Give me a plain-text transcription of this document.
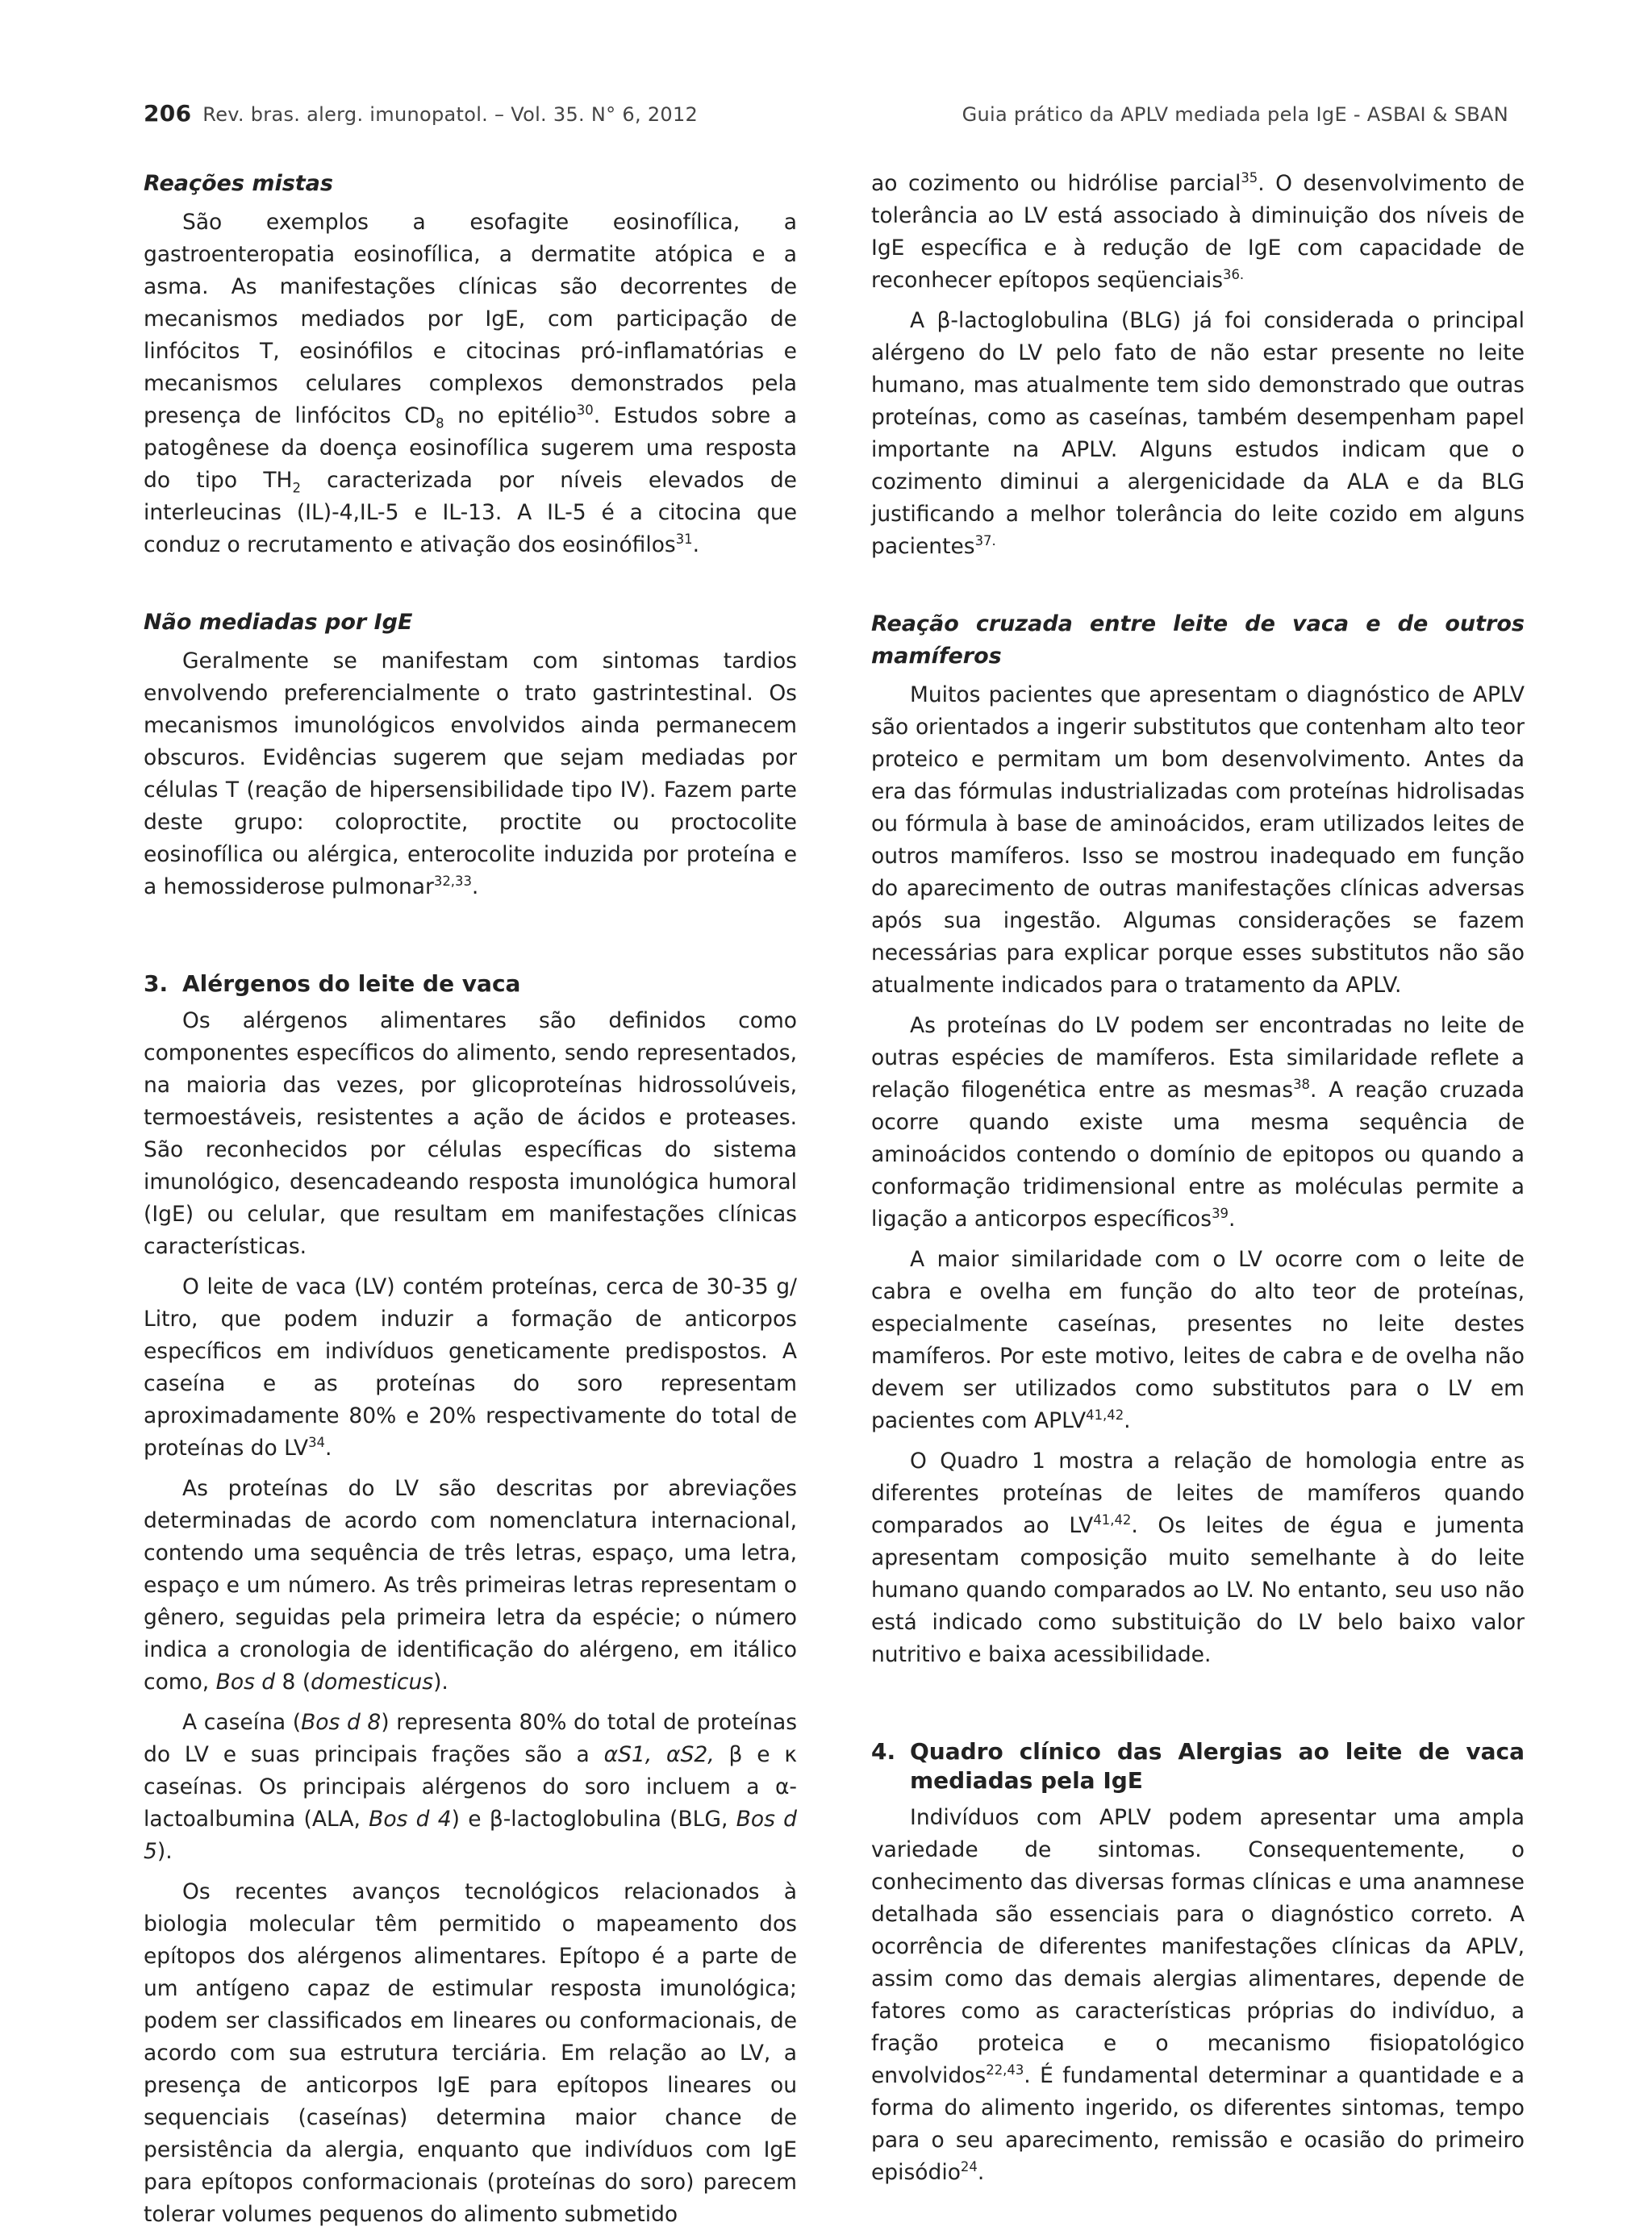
206 Rev. bras. alerg. imunopatol. – Vol. 35. N° 6, 2012	Guia prático da APLV mediada pela IgE - ASBAI & SBAN
Reações mistas

São exemplos a esofagite eosinofílica, a gastroenteropatia eosinofílica, a dermatite atópica e a asma. As manifestações clínicas são decorrentes de mecanismos mediados por IgE, com participação de linfócitos T, eosinófilos e citocinas pró-inflamatórias e mecanismos celulares complexos demonstrados pela presença de linfócitos $CD_8$ no epitélio$^{30}$. Estudos sobre a patogênese da doença eosinofílica sugerem uma resposta do tipo $TH_2$ caracterizada por níveis elevados de interleucinas (IL)-4,IL-5 e IL-13. A IL-5 é a citocina que conduz o recrutamento e ativação dos eosinófilos$^{31}$.

Não mediadas por IgE

Geralmente se manifestam com sintomas tardios envolvendo preferencialmente o trato gastrintestinal. Os mecanismos imunológicos envolvidos ainda permanecem obscuros. Evidências sugerem que sejam mediadas por células T (reação de hipersensibilidade tipo IV). Fazem parte deste grupo: coloproctite, proctite ou proctocolite eosinofílica ou alérgica, enterocolite induzida por proteína e a hemossiderose pulmonar$^{32,33}$.

3. Alérgenos do leite de vaca

Os alérgenos alimentares são definidos como componentes específicos do alimento, sendo representados, na maioria das vezes, por glicoproteínas hidrossolúveis, termoestáveis, resistentes a ação de ácidos e proteases. São reconhecidos por células específicas do sistema imunológico, desencadeando resposta imunológica humoral (IgE) ou celular, que resultam em manifestações clínicas características.

O leite de vaca (LV) contém proteínas, cerca de 30-35 g/ Litro, que podem induzir a formação de anticorpos específicos em indivíduos geneticamente predispostos. A caseína e as proteínas do soro representam aproximadamente 80% e 20% respectivamente do total de proteínas do LV$^{34}$.

As proteínas do LV são descritas por abreviações determinadas de acordo com nomenclatura internacional, contendo uma sequência de três letras, espaço, uma letra, espaço e um número. As três primeiras letras representam o gênero, seguidas pela primeira letra da espécie; o número indica a cronologia de identificação do alérgeno, em itálico como, Bos d 8 (domesticus).

A caseína (Bos d 8) representa 80% do total de proteínas do LV e suas principais frações são a αS1, αS2, β e κ caseínas. Os principais alérgenos do soro incluem a α-lactoalbumina (ALA, Bos d 4) e β-lactoglobulina (BLG, Bos d 5).

Os recentes avanços tecnológicos relacionados à biologia molecular têm permitido o mapeamento dos epítopos dos alérgenos alimentares. Epítopo é a parte de um antígeno capaz de estimular resposta imunológica; podem ser classificados em lineares ou conformacionais, de acordo com sua estrutura terciária. Em relação ao LV, a presença de anticorpos IgE para epítopos lineares ou sequenciais (caseínas) determina maior chance de persistência da alergia, enquanto que indivíduos com IgE para epítopos conformacionais (proteínas do soro) parecem tolerar volumes pequenos do alimento submetido

ao cozimento ou hidrólise parcial$^{35}$. O desenvolvimento de tolerância ao LV está associado à diminuição dos níveis de IgE específica e à redução de IgE com capacidade de reconhecer epítopos seqüenciais$^{36.}$

A β-lactoglobulina (BLG) já foi considerada o principal alérgeno do LV pelo fato de não estar presente no leite humano, mas atualmente tem sido demonstrado que outras proteínas, como as caseínas, também desempenham papel importante na APLV. Alguns estudos indicam que o cozimento diminui a alergenicidade da ALA e da BLG justificando a melhor tolerância do leite cozido em alguns pacientes$^{37.}$

Reação cruzada entre leite de vaca e de outros mamíferos

Muitos pacientes que apresentam o diagnóstico de APLV são orientados a ingerir substitutos que contenham alto teor proteico e permitam um bom desenvolvimento. Antes da era das fórmulas industrializadas com proteínas hidrolisadas ou fórmula à base de aminoácidos, eram utilizados leites de outros mamíferos. Isso se mostrou inadequado em função do aparecimento de outras manifestações clínicas adversas após sua ingestão. Algumas considerações se fazem necessárias para explicar porque esses substitutos não são atualmente indicados para o tratamento da APLV.

As proteínas do LV podem ser encontradas no leite de outras espécies de mamíferos. Esta similaridade reflete a relação filogenética entre as mesmas$^{38}$. A reação cruzada ocorre quando existe uma mesma sequência de aminoácidos contendo o domínio de epitopos ou quando a conformação tridimensional entre as moléculas permite a ligação a anticorpos específicos$^{39}$.

A maior similaridade com o LV ocorre com o leite de cabra e ovelha em função do alto teor de proteínas, especialmente caseínas, presentes no leite destes mamíferos. Por este motivo, leites de cabra e de ovelha não devem ser utilizados como substitutos para o LV em pacientes com APLV$^{41,42}$.

O Quadro 1 mostra a relação de homologia entre as diferentes proteínas de leites de mamíferos quando comparados ao LV$^{41,42}$. Os leites de égua e jumenta apresentam composição muito semelhante à do leite humano quando comparados ao LV. No entanto, seu uso não está indicado como substituição do LV belo baixo valor nutritivo e baixa acessibilidade.

4. Quadro clínico das Alergias ao leite de vaca mediadas pela IgE

Indivíduos com APLV podem apresentar uma ampla variedade de sintomas. Consequentemente, o conhecimento das diversas formas clínicas e uma anamnese detalhada são essenciais para o diagnóstico correto. A ocorrência de diferentes manifestações clínicas da APLV, assim como das demais alergias alimentares, depende de fatores como as características próprias do indivíduo, a fração proteica e o mecanismo fisiopatológico envolvidos$^{22,43}$. É fundamental determinar a quantidade e a forma do alimento ingerido, os diferentes sintomas, tempo para o seu aparecimento, remissão e ocasião do primeiro episódio$^{24}$.
